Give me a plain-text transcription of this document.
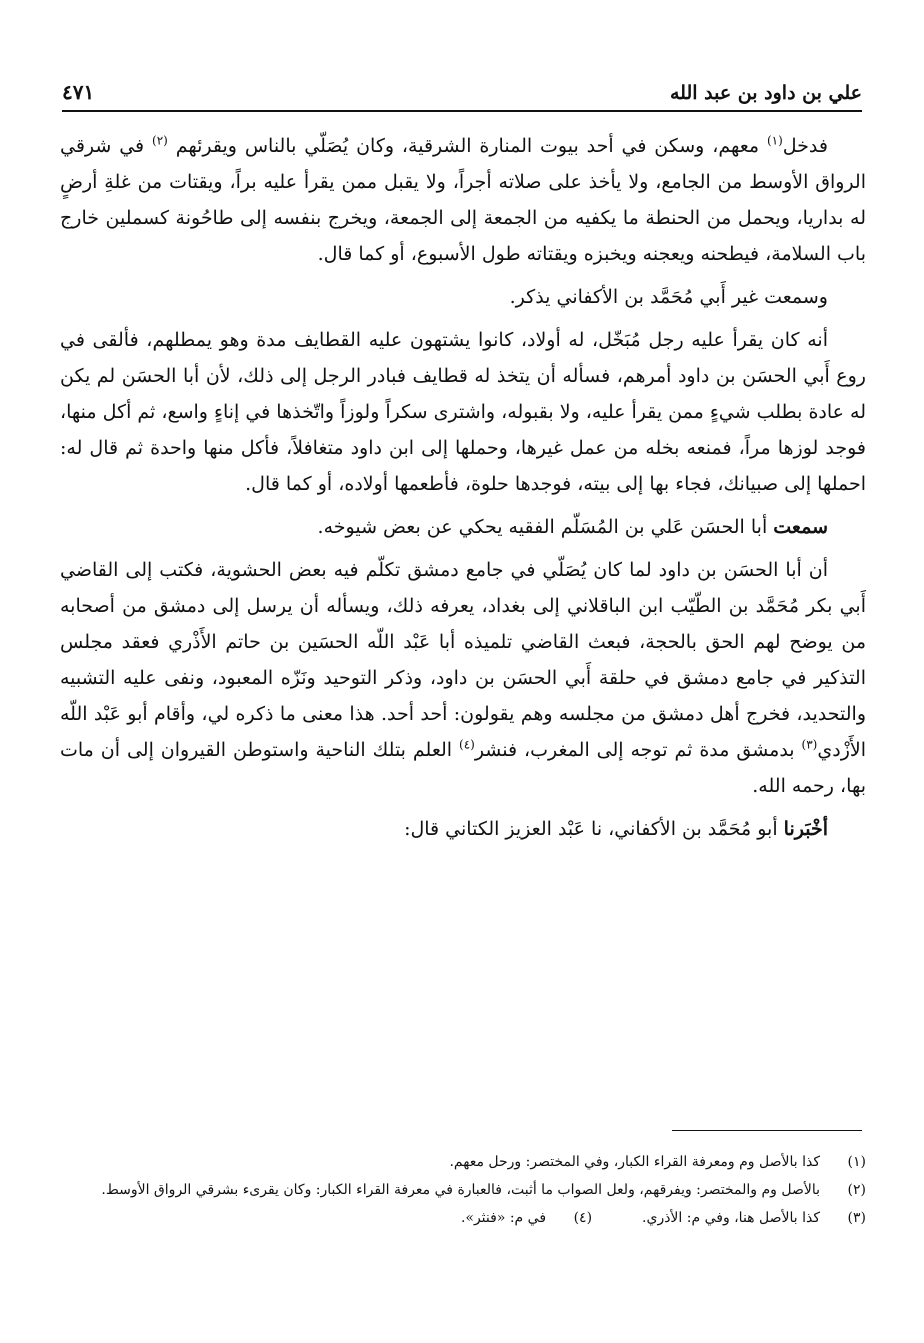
علي بن داود بن عبد الله
٤٧١

فدخل$^{(١)}$ معهم، وسكن في أحد بيوت المنارة الشرقية، وكان يُصَلّي بالناس ويقرئهم $^{(٢)}$ في شرقي الرواق الأوسط من الجامع، ولا يأخذ على صلاته أجراً، ولا يقبل ممن يقرأ عليه براً، ويقتات من غلةِ أرضٍ له بداريا، ويحمل من الحنطة ما يكفيه من الجمعة إلى الجمعة، ويخرج بنفسه إلى طاحُونة كسملين خارج باب السلامة، فيطحنه ويعجنه ويخبزه ويقتاته طول الأسبوع، أو كما قال.

وسمعت غير أَبي مُحَمَّد بن الأكفاني يذكر.

أنه كان يقرأ عليه رجل مُبَخّل، له أولاد، كانوا يشتهون عليه القطايف مدة وهو يمطلهم، فألقى في روع أَبي الحسَن بن داود أمرهم، فسأله أن يتخذ له قطايف فبادر الرجل إلى ذلك، لأن أبا الحسَن لم يكن له عادة بطلب شيءٍ ممن يقرأ عليه، ولا بقبوله، واشترى سكراً ولوزاً واتّخذها في إناءٍ واسع، ثم أكل منها، فوجد لوزها مراً، فمنعه بخله من عمل غيرها، وحملها إلى ابن داود متغافلاً، فأكل منها واحدة ثم قال له: احملها إلى صبيانك، فجاء بها إلى بيته، فوجدها حلوة، فأطعمها أولاده، أو كما قال.

سمعت أبا الحسَن عَلي بن المُسَلّم الفقيه يحكي عن بعض شيوخه.

أن أبا الحسَن بن داود لما كان يُصَلّي في جامع دمشق تكلّم فيه بعض الحشوية، فكتب إلى القاضي أَبي بكر مُحَمَّد بن الطّيّب ابن الباقلاني إلى بغداد، يعرفه ذلك، ويسأله أن يرسل إلى دمشق من أصحابه من يوضح لهم الحق بالحجة، فبعث القاضي تلميذه أبا عَبْد اللّه الحسَين بن حاتم الأَذْري فعقد مجلس التذكير في جامع دمشق في حلقة أَبي الحسَن بن داود، وذكر التوحيد ونَزّه المعبود، ونفى عليه التشبيه والتحديد، فخرج أهل دمشق من مجلسه وهم يقولون: أحد أحد. هذا معنى ما ذكره لي، وأقام أبو عَبْد اللّه الأَزْدي$^{(٣)}$ بدمشق مدة ثم توجه إلى المغرب، فنشر$^{(٤)}$ العلم بتلك الناحية واستوطن القيروان إلى أن مات بها، رحمه الله.

أخْبَرنا أبو مُحَمَّد بن الأكفاني، نا عَبْد العزيز الكتاني قال:

(١)
كذا بالأصل وم ومعرفة القراء الكبار، وفي المختصر: ورحل معهم.
(٢)
بالأصل وم والمختصر: ويفرقهم، ولعل الصواب ما أثبت، فالعبارة في معرفة القراء الكبار: وكان يقرىء بشرقي الرواق الأوسط.
(٣)
كذا بالأصل هنا، وفي م: الأذري.
(٤)
في م: «فنثر».
